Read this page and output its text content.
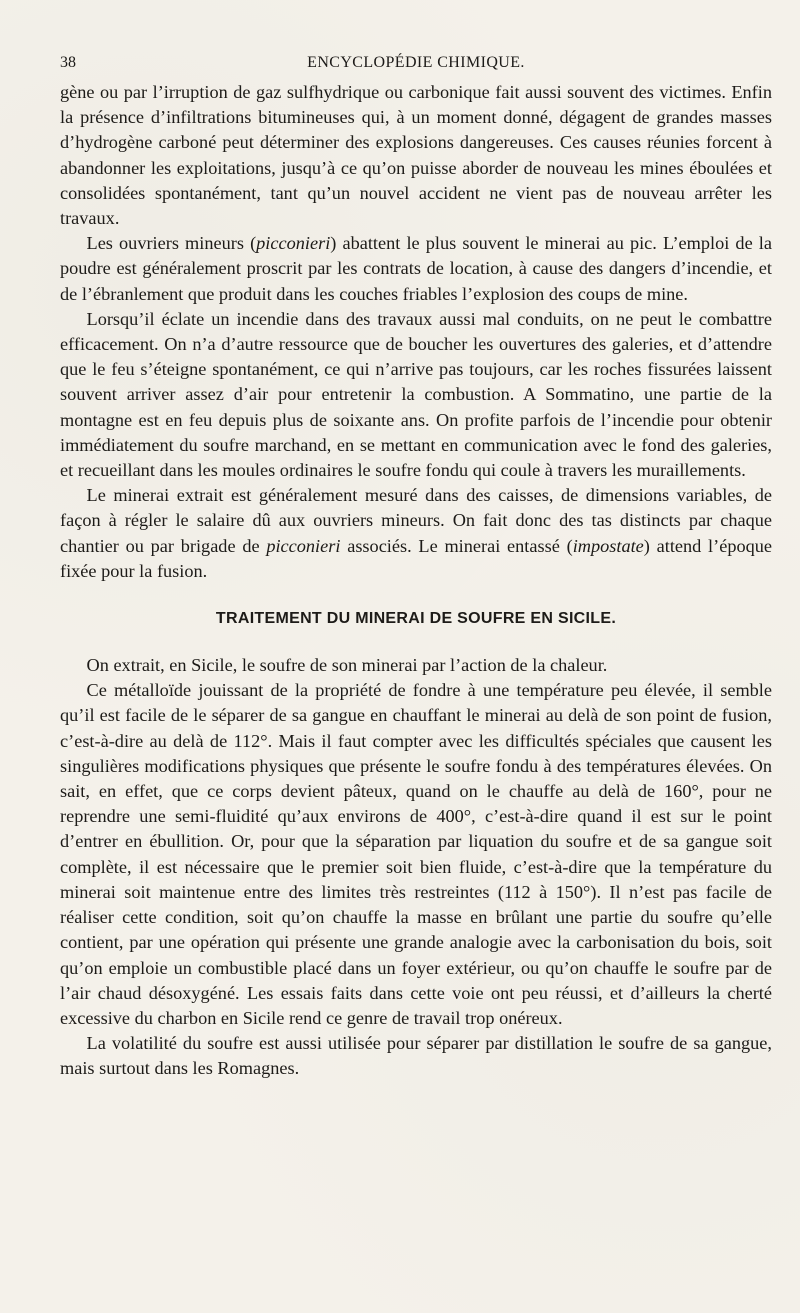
38	ENCYCLOPÉDIE CHIMIQUE.

gène ou par l’irruption de gaz sulfhydrique ou carbonique fait aussi souvent des victimes. Enfin la présence d’infiltrations bitumineuses qui, à un moment donné, dégagent de grandes masses d’hydrogène carboné peut déterminer des explosions dangereuses. Ces causes réunies forcent à abandonner les exploitations, jusqu’à ce qu’on puisse aborder de nouveau les mines éboulées et consolidées spontanément, tant qu’un nouvel accident ne vient pas de nouveau arrêter les travaux.

Les ouvriers mineurs (picconieri) abattent le plus souvent le minerai au pic. L’emploi de la poudre est généralement proscrit par les contrats de location, à cause des dangers d’incendie, et de l’ébranlement que produit dans les couches friables l’explosion des coups de mine.

Lorsqu’il éclate un incendie dans des travaux aussi mal conduits, on ne peut le combattre efficacement. On n’a d’autre ressource que de boucher les ouvertures des galeries, et d’attendre que le feu s’éteigne spontanément, ce qui n’arrive pas toujours, car les roches fissurées laissent souvent arriver assez d’air pour entretenir la combustion. A Sommatino, une partie de la montagne est en feu depuis plus de soixante ans. On profite parfois de l’incendie pour obtenir immédiatement du soufre marchand, en se mettant en communication avec le fond des galeries, et recueillant dans les moules ordinaires le soufre fondu qui coule à travers les muraillements.

Le minerai extrait est généralement mesuré dans des caisses, de dimensions variables, de façon à régler le salaire dû aux ouvriers mineurs. On fait donc des tas distincts par chaque chantier ou par brigade de picconieri associés. Le minerai entassé (impostate) attend l’époque fixée pour la fusion.

TRAITEMENT DU MINERAI DE SOUFRE EN SICILE.

On extrait, en Sicile, le soufre de son minerai par l’action de la chaleur.

Ce métalloïde jouissant de la propriété de fondre à une température peu élevée, il semble qu’il est facile de le séparer de sa gangue en chauffant le minerai au delà de son point de fusion, c’est-à-dire au delà de 112°. Mais il faut compter avec les difficultés spéciales que causent les singulières modifications physiques que présente le soufre fondu à des températures élevées. On sait, en effet, que ce corps devient pâteux, quand on le chauffe au delà de 160°, pour ne reprendre une semi-fluidité qu’aux environs de 400°, c’est-à-dire quand il est sur le point d’entrer en ébullition. Or, pour que la séparation par liquation du soufre et de sa gangue soit complète, il est nécessaire que le premier soit bien fluide, c’est-à-dire que la température du minerai soit maintenue entre des limites très restreintes (112 à 150°). Il n’est pas facile de réaliser cette condition, soit qu’on chauffe la masse en brûlant une partie du soufre qu’elle contient, par une opération qui présente une grande analogie avec la carbonisation du bois, soit qu’on emploie un combustible placé dans un foyer extérieur, ou qu’on chauffe le soufre par de l’air chaud désoxygéné. Les essais faits dans cette voie ont peu réussi, et d’ailleurs la cherté excessive du charbon en Sicile rend ce genre de travail trop onéreux.

La volatilité du soufre est aussi utilisée pour séparer par distillation le soufre de sa gangue, mais surtout dans les Romagnes.
